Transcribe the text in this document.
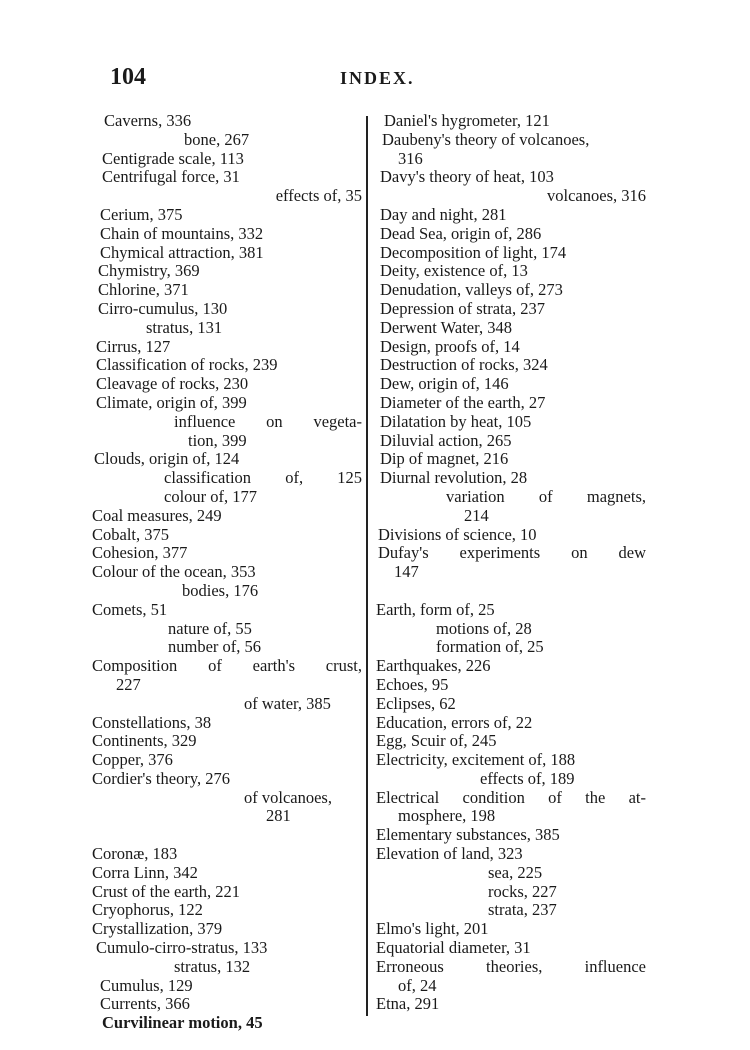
104	INDEX.
Caverns, 336
bone, 267
Centigrade scale, 113
Centrifugal force, 31
effects of, 35
Cerium, 375
Chain of mountains, 332
Chymical attraction, 381
Chymistry, 369
Chlorine, 371
Cirro-cumulus, 130
stratus, 131
Cirrus, 127
Classification of rocks, 239
Cleavage of rocks, 230
Climate, origin of, 399
influence on vegeta-
tion, 399
Clouds, origin of, 124
classification of, 125
colour of, 177
Coal measures, 249
Cobalt, 375
Cohesion, 377
Colour of the ocean, 353
bodies, 176
Comets, 51
nature of, 55
number of, 56
Composition of earth's crust,
227
of water, 385
Constellations, 38
Continents, 329
Copper, 376
Cordier's theory, 276
of volcanoes,
281
Coronæ, 183
Corra Linn, 342
Crust of the earth, 221
Cryophorus, 122
Crystallization, 379
Cumulo-cirro-stratus, 133
stratus, 132
Cumulus, 129
Currents, 366
Curvilinear motion, 45
Daniel's hygrometer, 121
Daubeny's theory of volcanoes,
316
Davy's theory of heat, 103
volcanoes, 316
Day and night, 281
Dead Sea, origin of, 286
Decomposition of light, 174
Deity, existence of, 13
Denudation, valleys of, 273
Depression of strata, 237
Derwent Water, 348
Design, proofs of, 14
Destruction of rocks, 324
Dew, origin of, 146
Diameter of the earth, 27
Dilatation by heat, 105
Diluvial action, 265
Dip of magnet, 216
Diurnal revolution, 28
variation of magnets,
214
Divisions of science, 10
Dufay's experiments on dew
147
Earth, form of, 25
motions of, 28
formation of, 25
Earthquakes, 226
Echoes, 95
Eclipses, 62
Education, errors of, 22
Egg, Scuir of, 245
Electricity, excitement of, 188
effects of, 189
Electrical condition of the at-
mosphere, 198
Elementary substances, 385
Elevation of land, 323
sea, 225
rocks, 227
strata, 237
Elmo's light, 201
Equatorial diameter, 31
Erroneous theories, influence
of, 24
Etna, 291
